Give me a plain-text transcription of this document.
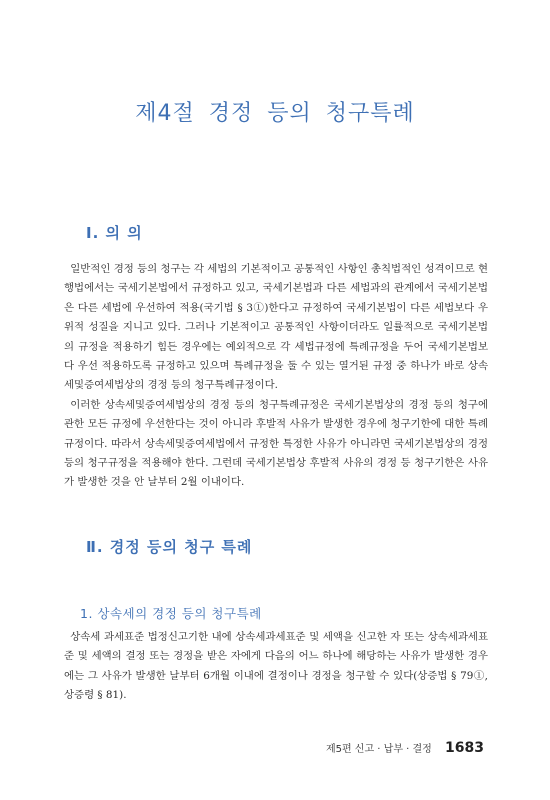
제4절 경정 등의 청구특례
Ⅰ. 의 의

일반적인 경정 등의 청구는 각 세법의 기본적이고 공통적인 사항인 총칙법적인 성격이므로 현행법에서는 국세기본법에서 규정하고 있고, 국세기본법과 다른 세법과의 관계에서 국세기본법은 다른 세법에 우선하여 적용(국기법 § 3①)한다고 규정하여 국세기본법이 다른 세법보다 우위적 성질을 지니고 있다. 그러나 기본적이고 공통적인 사항이더라도 일률적으로 국세기본법의 규정을 적용하기 힘든 경우에는 예외적으로 각 세법규정에 특례규정을 두어 국세기본법보다 우선 적용하도록 규정하고 있으며 특례규정을 둘 수 있는 열거된 규정 중 하나가 바로 상속세및증여세법상의 경정 등의 청구특례규정이다.

이러한 상속세및증여세법상의 경정 등의 청구특례규정은 국세기본법상의 경정 등의 청구에 관한 모든 규정에 우선한다는 것이 아니라 후발적 사유가 발생한 경우에 청구기한에 대한 특례규정이다. 따라서 상속세및증여세법에서 규정한 특정한 사유가 아니라면 국세기본법상의 경정 등의 청구규정을 적용해야 한다. 그런데 국세기본법상 후발적 사유의 경정 등 청구기한은 사유가 발생한 것을 안 날부터 2월 이내이다.

Ⅱ. 경정 등의 청구 특례
1. 상속세의 경정 등의 청구특례

상속세 과세표준 법정신고기한 내에 상속세과세표준 및 세액을 신고한 자 또는 상속세과세표준 및 세액의 결정 또는 경정을 받은 자에게 다음의 어느 하나에 해당하는 사유가 발생한 경우에는 그 사유가 발생한 날부터 6개월 이내에 결정이나 경정을 청구할 수 있다(상증법 § 79①, 상증령 § 81).

제5편 신고 · 납부 · 결정 1683
